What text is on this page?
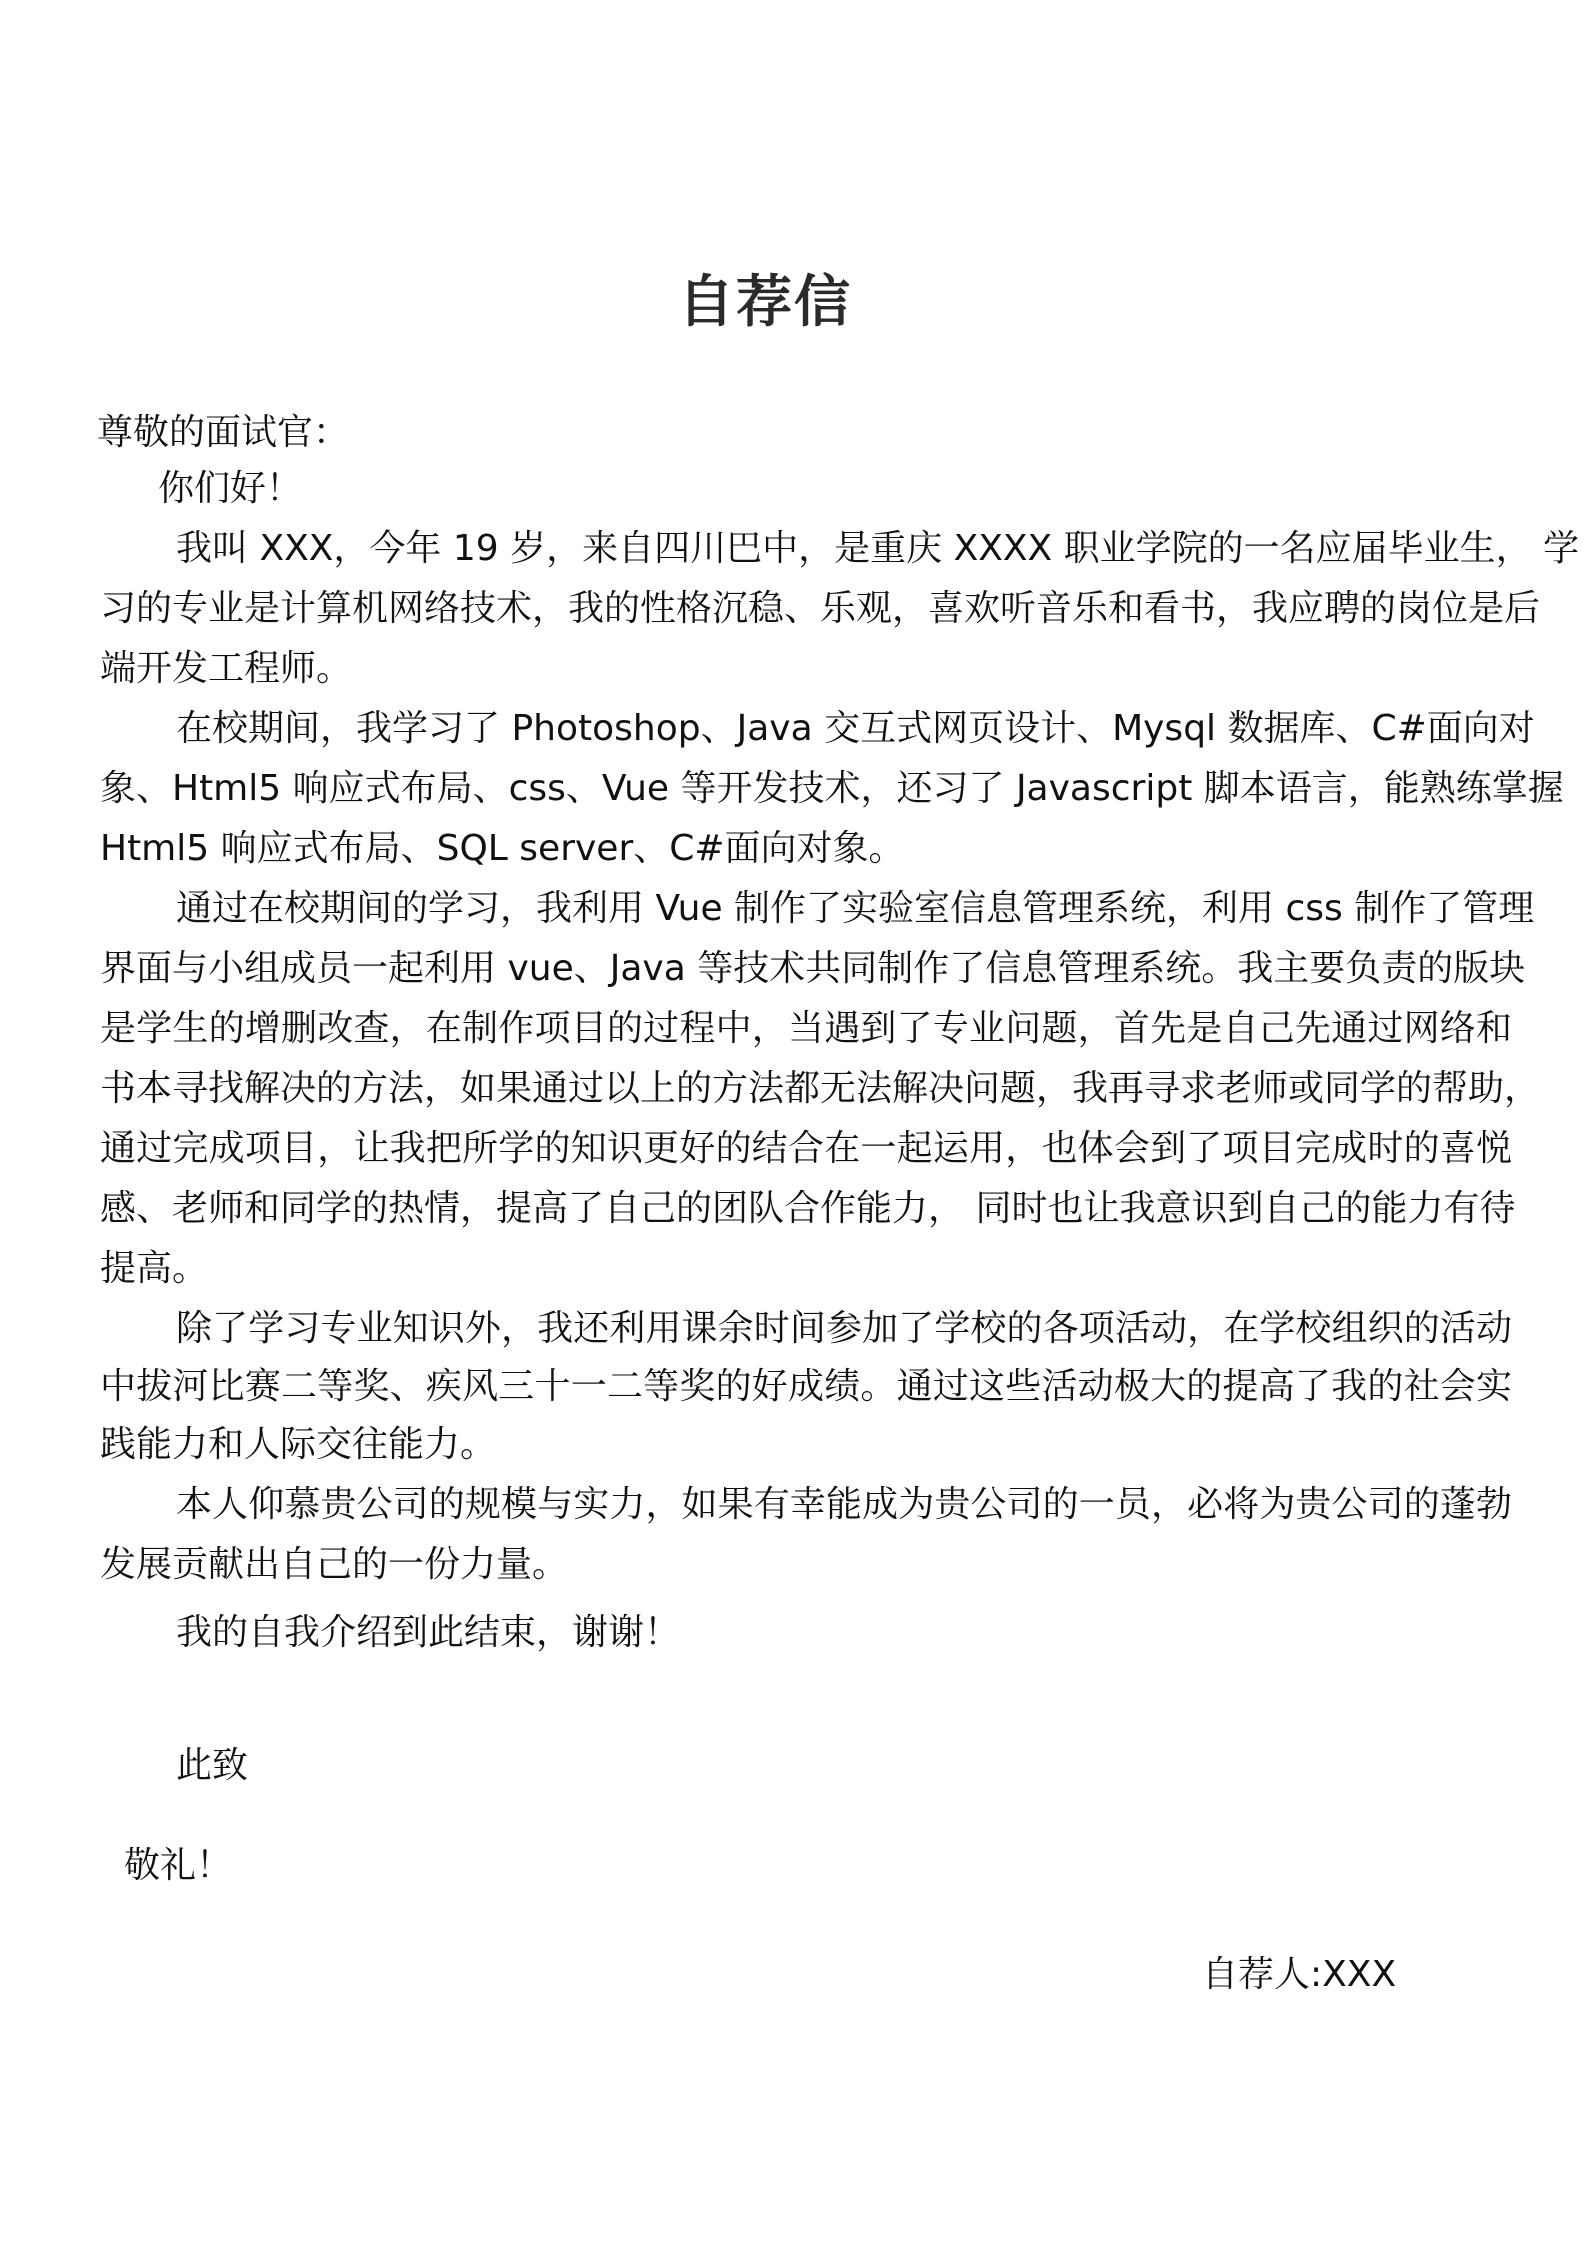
自荐信
尊敬的面试官：
你们好！
我叫 XXX，今年 19 岁，来自四川巴中，是重庆 XXXX 职业学院的一名应届毕业生， 学
习的专业是计算机网络技术，我的性格沉稳、乐观，喜欢听音乐和看书，我应聘的岗位是后
端开发工程师。
在校期间，我学习了 Photoshop、Java 交互式网页设计、Mysql 数据库、C#面向对
象、Html5 响应式布局、css、Vue 等开发技术，还习了 Javascript 脚本语言，能熟练掌握
Html5 响应式布局、SQL server、C#面向对象。
通过在校期间的学习，我利用 Vue 制作了实验室信息管理系统，利用 css 制作了管理
界面与小组成员一起利用 vue、Java 等技术共同制作了信息管理系统。我主要负责的版块
是学生的增删改查，在制作项目的过程中，当遇到了专业问题，首先是自己先通过网络和
书本寻找解决的方法，如果通过以上的方法都无法解决问题，我再寻求老师或同学的帮助，
通过完成项目，让我把所学的知识更好的结合在一起运用，也体会到了项目完成时的喜悦
感、老师和同学的热情，提高了自己的团队合作能力， 同时也让我意识到自己的能力有待
提高。
除了学习专业知识外，我还利用课余时间参加了学校的各项活动，在学校组织的活动
中拔河比赛二等奖、疾风三十一二等奖的好成绩。通过这些活动极大的提高了我的社会实
践能力和人际交往能力。
本人仰慕贵公司的规模与实力，如果有幸能成为贵公司的一员，必将为贵公司的蓬勃
发展贡献出自己的一份力量。
我的自我介绍到此结束，谢谢！
此致
敬礼！
自荐人:XXX
